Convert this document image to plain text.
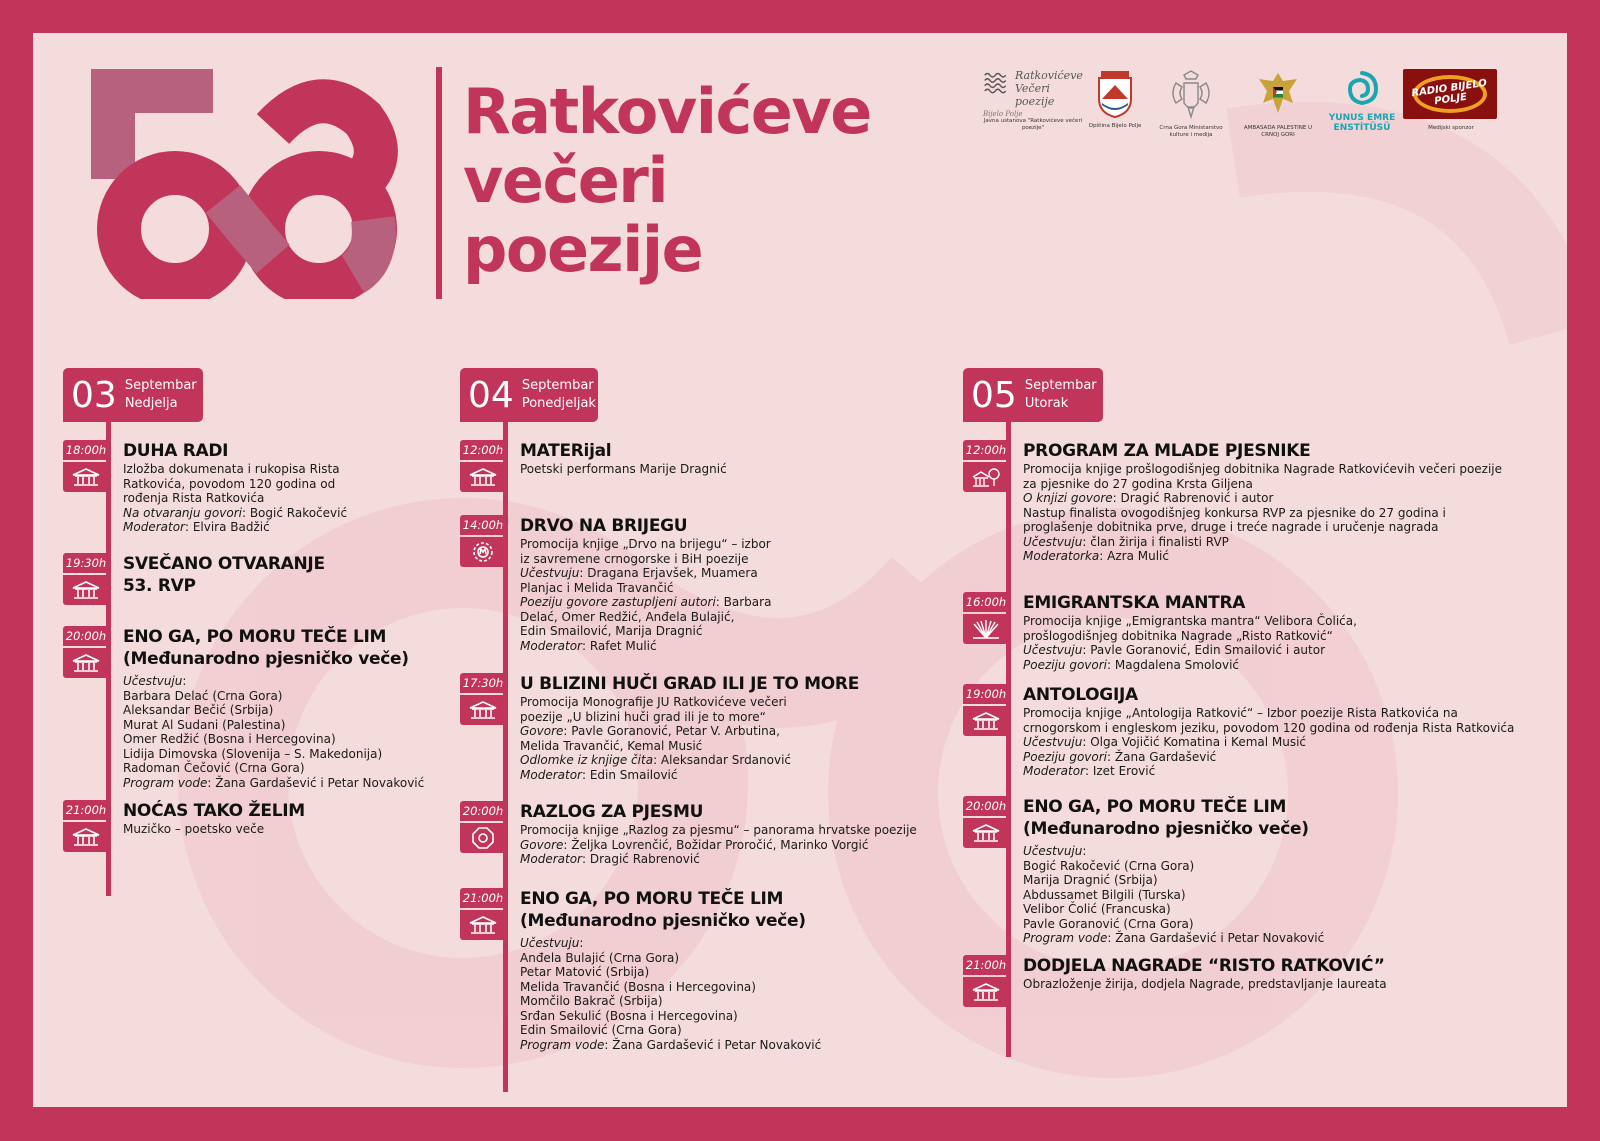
Ratkovićeve
večeri
poezije
Ratkovićeve
Večeri poezije
Bijelo Polje
Javna ustanova "Ratkovićeve večeri poezije"	Opština Bijelo Polje	Crna Gora Ministarstvo kulture i medija
AMBASADA PALESTINE U CRNOJ GORI
YUNUS EMRE ENSTİTÜSÜ
RADIO BIJELO POLJE
Medijski sponzor
03 Septembar
Nedjelja
18:00h DUHA RADI
Izložba dokumenata i rukopisa Rista
Ratkovića, povodom 120 godina od
rođenja Rista Ratkovića
Na otvaranju govori: Bogić Rakočević
Moderator: Elvira Badžić
19:30h SVEČANO OTVARANJE
53. RVP
20:00h ENO GA, PO MORU TEČE LIM
(Međunarodno pjesničko veče)
Učestvuju:
Barbara Delać (Crna Gora)
Aleksandar Bečić (Srbija)
Murat Al Sudani (Palestina)
Omer Redžić (Bosna i Hercegovina)
Lidija Dimovska (Slovenija – S. Makedonija)
Radoman Čečović (Crna Gora)
Program vode: Žana Gardašević i Petar Novaković
21:00h NOĆAS TAKO ŽELIM
Muzičko – poetsko veče
04 Septembar
Ponedjeljak
12:00h MATERijal
Poetski performans Marije Dragnić
14:00h DRVO NA BRIJEGU
Promocija knjige „Drvo na brijegu“ – izbor
iz savremene crnogorske i BiH poezije
Učestvuju: Dragana Erjavšek, Muamera
Planjac i Melida Travančić
Poeziju govore zastupljeni autori: Barbara
Delać, Omer Redžić, Anđela Bulajić,
Edin Smailović, Marija Dragnić
Moderator: Rafet Mulić
17:30h U BLIZINI HUČI GRAD ILI JE TO MORE
Promocija Monografije JU Ratkovićeve večeri
poezije „U blizini huči grad ili je to more“
Govore: Pavle Goranović, Petar V. Arbutina,
Melida Travančić, Kemal Musić
Odlomke iz knjige čita: Aleksandar Srdanović
Moderator: Edin Smailović
20:00h RAZLOG ZA PJESMU
Promocija knjige „Razlog za pjesmu“ – panorama hrvatske poezije
Govore: Željka Lovrenčić, Božidar Proročić, Marinko Vorgić
Moderator: Dragić Rabrenović
21:00h ENO GA, PO MORU TEČE LIM
(Međunarodno pjesničko veče)
Učestvuju:
Anđela Bulajić (Crna Gora)
Petar Matović (Srbija)
Melida Travančić (Bosna i Hercegovina)
Momčilo Bakrač (Srbija)
Srđan Sekulić (Bosna i Hercegovina)
Edin Smailović (Crna Gora)
Program vode: Žana Gardašević i Petar Novaković
05 Septembar
Utorak
12:00h PROGRAM ZA MLADE PJESNIKE
Promocija knjige prošlogodišnjeg dobitnika Nagrade Ratkovićevih večeri poezije
za pjesnike do 27 godina Krsta Giljena
O knjizi govore: Dragić Rabrenović i autor
Nastup finalista ovogodišnjeg konkursa RVP za pjesnike do 27 godina i
proglašenje dobitnika prve, druge i treće nagrade i uručenje nagrada
Učestvuju: član žirija i finalisti RVP
Moderatorka: Azra Mulić
16:00h EMIGRANTSKA MANTRA
Promocija knjige „Emigrantska mantra“ Velibora Čolića,
prošlogodišnjeg dobitnika Nagrade „Risto Ratković“
Učestvuju: Pavle Goranović, Edin Smailović i autor
Poeziju govori: Magdalena Smolović
19:00h ANTOLOGIJA
Promocija knjige „Antologija Ratković“ – Izbor poezije Rista Ratkovića na
crnogorskom i engleskom jeziku, povodom 120 godina od rođenja Rista Ratkovića
Učestvuju: Olga Vojičić Komatina i Kemal Musić
Poeziju govori: Žana Gardašević
Moderator: Izet Erović
20:00h ENO GA, PO MORU TEČE LIM
(Međunarodno pjesničko veče)
Učestvuju:
Bogić Rakočević (Crna Gora)
Marija Dragnić (Srbija)
Abdussamet Bilgili (Turska)
Velibor Čolić (Francuska)
Pavle Goranović (Crna Gora)
Program vode: Žana Gardašević i Petar Novaković
21:00h DODJELA NAGRADE “RISTO RATKOVIĆ”
Obrazloženje žirija, dodjela Nagrade, predstavljanje laureata
